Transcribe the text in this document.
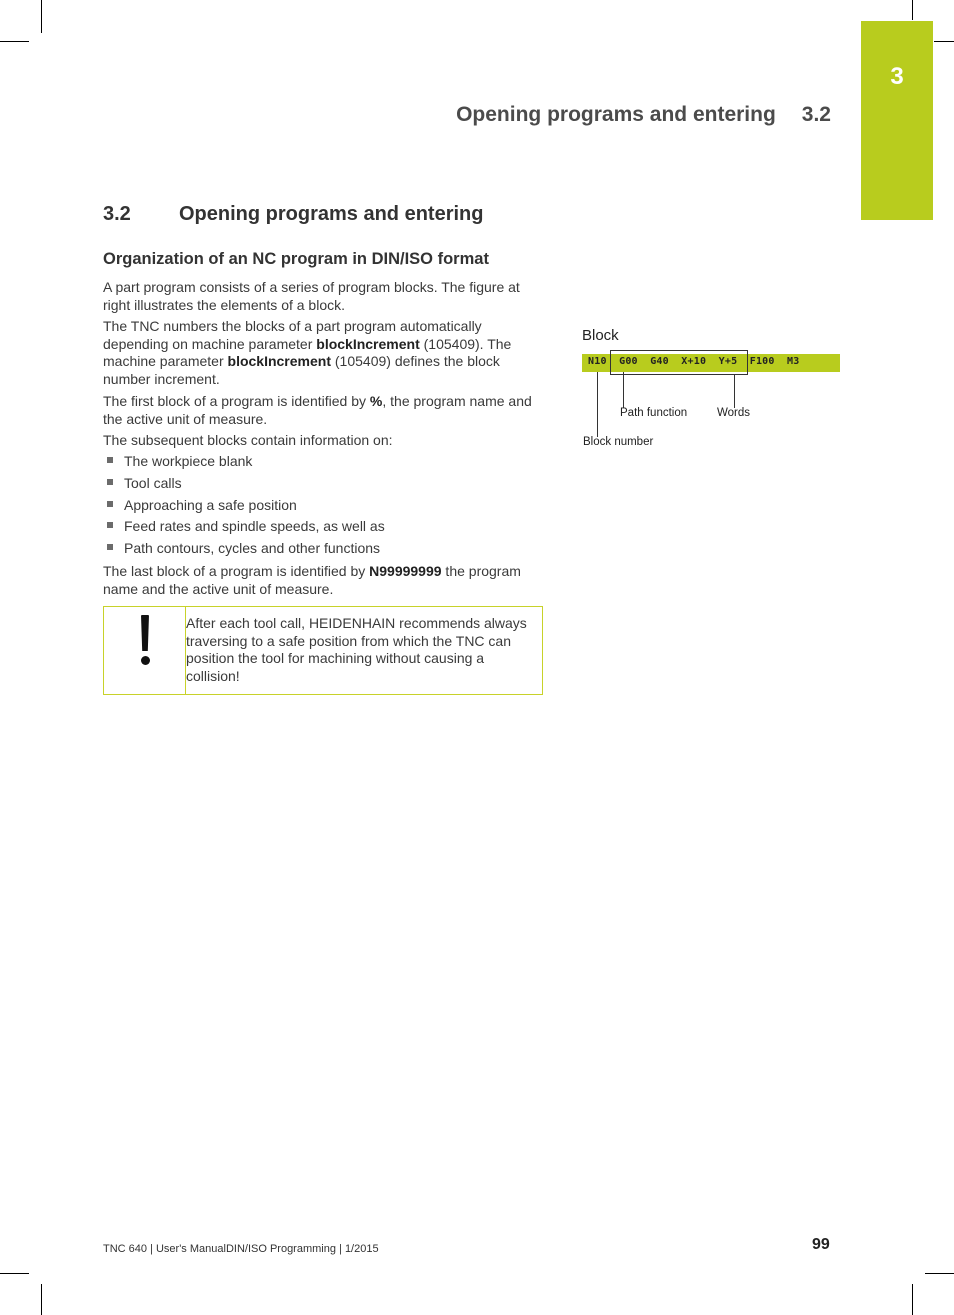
3
Opening programs and entering 3.2
3.2 Opening programs and entering
Organization of an NC program in DIN/ISO format
A part program consists of a series of program blocks. The figure at right illustrates the elements of a block.
The TNC numbers the blocks of a part program automatically depending on machine parameter blockIncrement (105409). The machine parameter blockIncrement (105409) defines the block number increment.
The first block of a program is identified by %, the program name and the active unit of measure.
The subsequent blocks contain information on:
The workpiece blank
Tool calls
Approaching a safe position
Feed rates and spindle speeds, as well as
Path contours, cycles and other functions
The last block of a program is identified by N99999999 the program name and the active unit of measure.
After each tool call, HEIDENHAIN recommends always traversing to a safe position from which the TNC can position the tool for machining without causing a collision!
Block
N10  G00  G40  X+10  Y+5  F100  M3
Path function	Words
Block number
TNC 640 | User's ManualDIN/ISO Programming | 1/2015	99
